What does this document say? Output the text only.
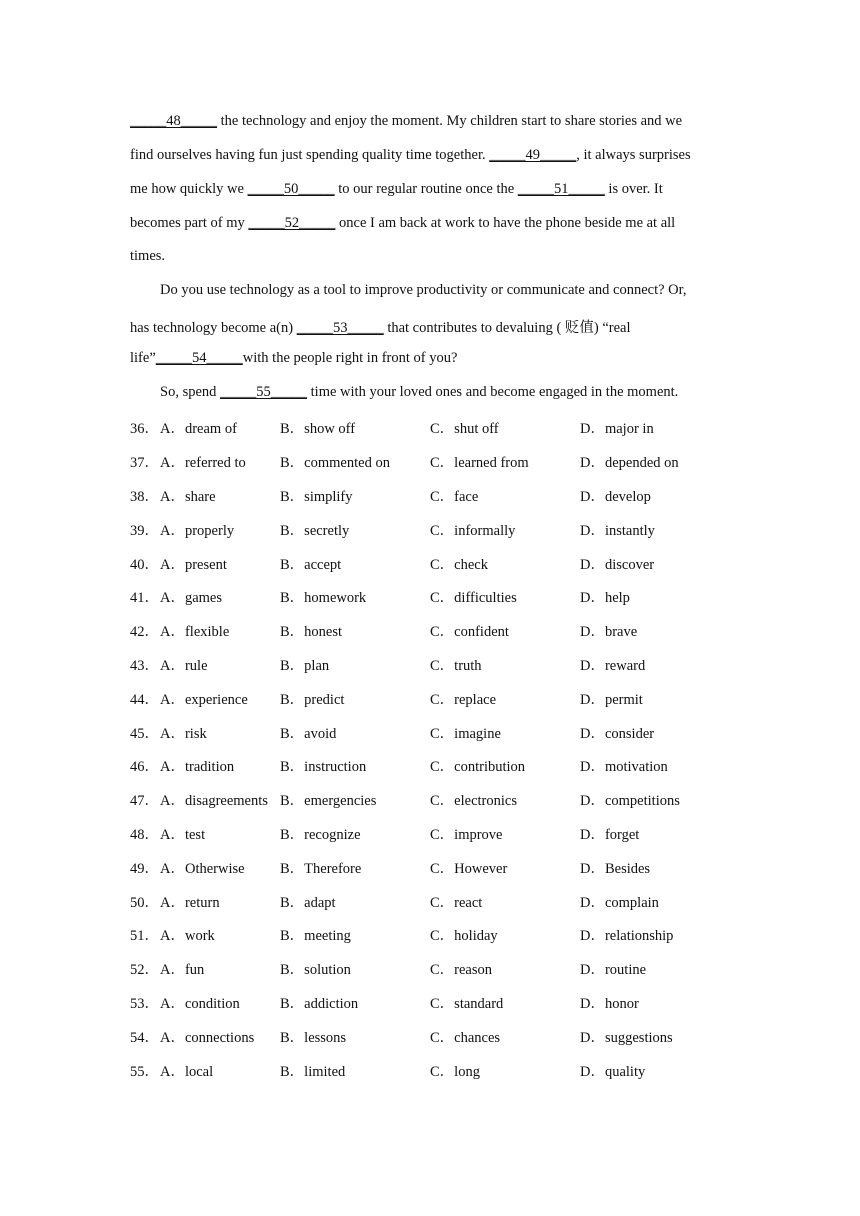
_____48_____ the technology and enjoy the moment. My children start to share stories and we
find ourselves having fun just spending quality time together. _____49_____, it always surprises
me how quickly we _____50_____ to our regular routine once the _____51_____ is over. It
becomes part of my _____52_____ once I am back at work to have the phone beside me at all
times.
Do you use technology as a tool to improve productivity or communicate and connect? Or,
has technology become a(n) _____53_____ that contributes to devaluing ( 贬值) “real
life”_____54_____with the people right in front of you?
So, spend _____55_____ time with your loved ones and become engaged in the moment.
36． A．dream of	B．show off	C．shut off	D．major in
37． A．referred to B．commented on	C．learned from	D．depended on
38． A．share	B．simplify	C．face	D．develop
39． A．properly	B．secretly	C．informally	D．instantly
40． A．present	B．accept	C．check	D．discover
41． A．games	B．homework	C．difficulties	D．help
42． A．flexible	B．honest	C．confident	D．brave
43． A．rule	B．plan	C．truth	D．reward
44． A．experience B．predict	C．replace	D．permit
45． A．risk	B．avoid	C．imagine	D．consider
46． A．tradition	B．instruction	C．contribution	D．motivation
47． A．disagreements B．emergencies	C．electronics	D．competitions
48． A．test	B．recognize	C．improve	D．forget
49． A．Otherwise B．Therefore	C．However	D．Besides
50． A．return	B．adapt	C．react	D．complain
51． A．work	B．meeting	C．holiday	D．relationship
52． A．fun	B．solution	C．reason	D．routine
53． A．condition	B．addiction	C．standard	D．honor
54． A．connections B．lessons	C．chances	D．suggestions
55． A．local	B．limited	C．long	D．quality
